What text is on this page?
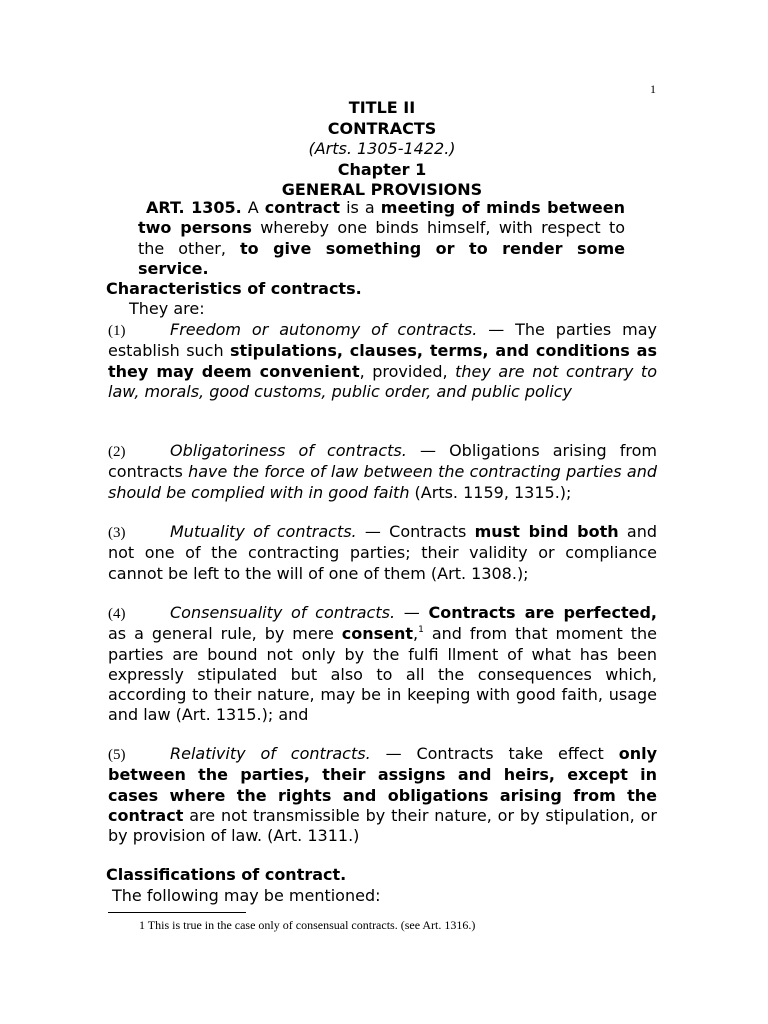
1
TITLE II
CONTRACTS
(Arts. 1305-1422.)
Chapter 1
GENERAL PROVISIONS
ART. 1305. A contract is a meeting of minds between two persons whereby one binds himself, with respect to the other, to give something or to render some service.
Characteristics of contracts.
They are:

(1)	Freedom or autonomy of contracts. — The parties may establish such stipulations, clauses, terms, and conditions as they may deem convenient, provided, they are not contrary to law, morals, good customs, public order, and public policy

(2)	Obligatoriness of contracts. — Obligations arising from contracts have the force of law between the contracting parties and should be complied with in good faith (Arts. 1159, 1315.);

(3)	Mutuality of contracts. — Contracts must bind both and not one of the contracting parties; their validity or compliance cannot be left to the will of one of them (Art. 1308.);

(4)	Consensuality of contracts. — Contracts are perfected, as a general rule, by mere consent,$^1$ and from that moment the parties are bound not only by the fulfi llment of what has been expressly stipulated but also to all the consequences which, according to their nature, may be in keeping with good faith, usage and law (Art. 1315.); and

(5)	Relativity of contracts. — Contracts take effect only between the parties, their assigns and heirs, except in cases where the rights and obligations arising from the contract are not transmissible by their nature, or by stipulation, or by provision of law. (Art. 1311.)

Classifications of contract.
The following may be mentioned:
1 This is true in the case only of consensual contracts. (see Art. 1316.)
